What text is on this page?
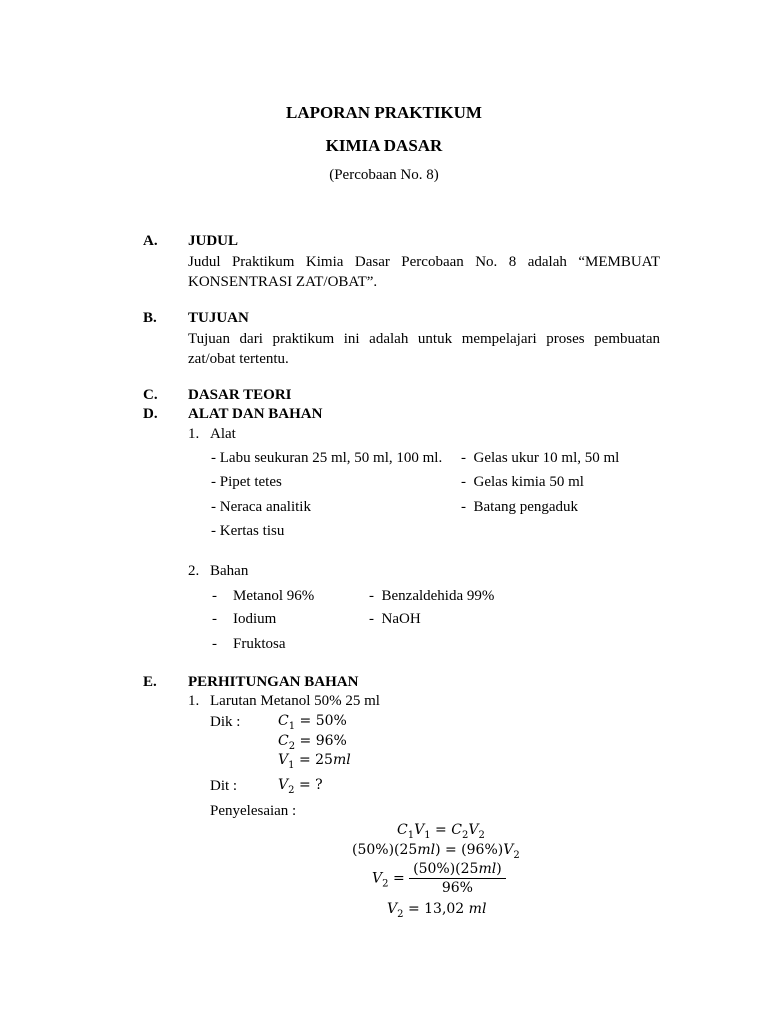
LAPORAN PRAKTIKUM
KIMIA DASAR
(Percobaan No. 8)
A. JUDUL
Judul Praktikum Kimia Dasar Percobaan No. 8 adalah “MEMBUAT KONSENTRASI ZAT/OBAT”.
B. TUJUAN
Tujuan dari praktikum ini adalah untuk mempelajari proses pembuatan zat/obat tertentu.
C. DASAR TEORI
D. ALAT DAN BAHAN
1. Alat
- Labu seukuran 25 ml, 50 ml, 100 ml.
- Pipet tetes
- Neraca analitik
- Kertas tisu
-  Gelas ukur 10 ml, 50 ml
-  Gelas kimia 50 ml
-  Batang pengaduk
2. Bahan
- Metanol 96%
- Iodium
- Fruktosa
-  Benzaldehida 99%
-  NaOH
E. PERHITUNGAN BAHAN
1. Larutan Metanol 50% 25 ml
Dik :	$C_1 = 50\%$
$C_2 = 96\%$
$V_1 = 25ml$
Dit :	$V_2$ = ?
Penyelesaian :
$C_1V_1 = C_2V_2$
$(50\%)(25ml) = (96\%)V_2$
$V_2 = \frac{(50\%)(25ml)}{96\%}$
$V_2 = 13,02$ ml
